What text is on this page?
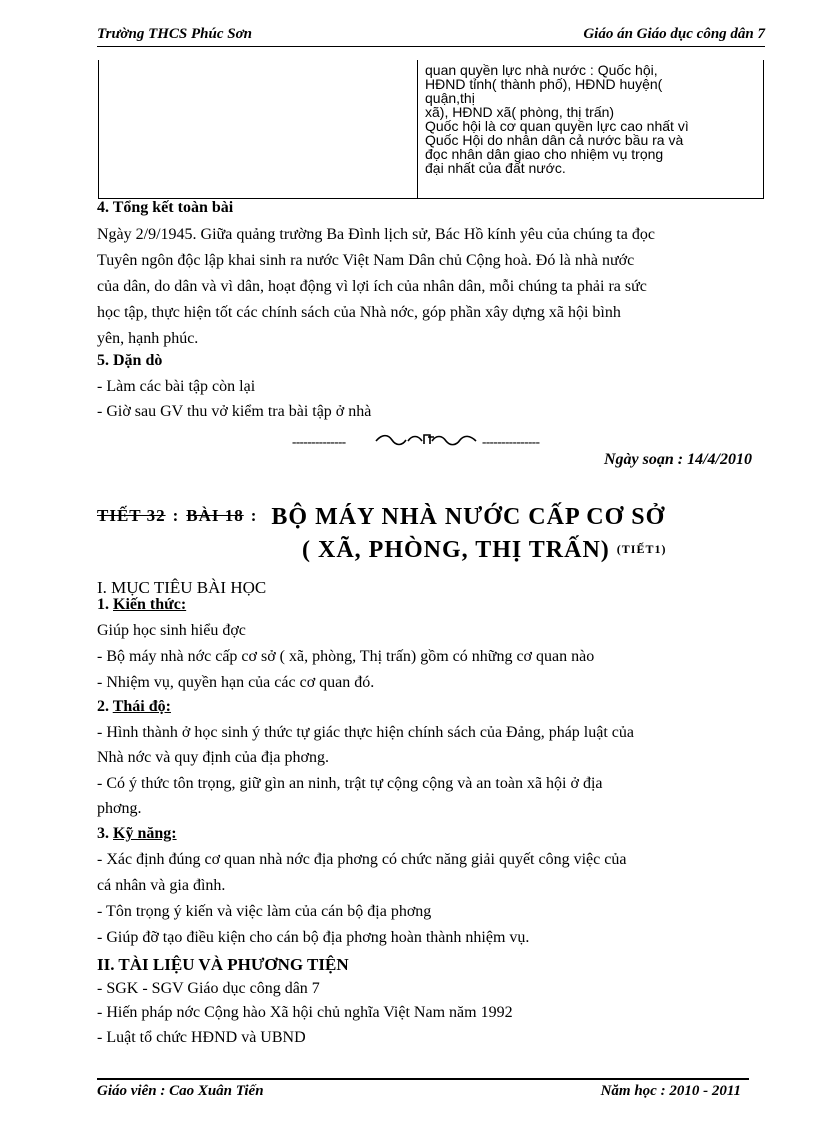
Trường THCS Phúc Sơn	Giáo án Giáo dục công dân 7
quan quyền lực nhà nước : Quốc hội,
HĐND tỉnh( thành phố), HĐND huyện(
quận,thị
xã), HĐND xã( phòng, thị trấn)
Quốc hội là cơ quan quyền lực cao nhất vì
Quốc Hội do nhân dân cả nước bầu ra và
đọc nhân dân giao cho nhiệm vụ trọng
đại nhất của đất nước.
4. Tổng kết toàn bài
Ngày 2/9/1945. Giữa quảng trường Ba Đình lịch sử, Bác Hồ kính yêu của chúng ta đọc
Tuyên ngôn độc lập khai sinh ra nước Việt Nam Dân chủ Cộng hoà. Đó là nhà nước
của dân, do dân và vì dân, hoạt động vì lợi ích của nhân dân, mỗi chúng ta phải ra sức
học tập, thực hiện tốt các chính sách của Nhà nớc, góp phần xây dựng xã hội bình
yên, hạnh phúc.
5. Dặn dò
- Làm các bài tập còn lại
- Giờ sau GV thu vở kiểm tra bài tập ở nhà
--------------	---------------
Ngày soạn : 14/4/2010
TIẾT 32 : BÀI 18 : BỘ MÁY NHÀ NƯỚC CẤP CƠ SỞ
( XÃ, PHÒNG, THỊ TRẤN) (TIẾT1)
I. MỤC TIÊU BÀI HỌC
1. Kiến thức:
Giúp học sinh hiểu đợc
- Bộ máy nhà nớc cấp cơ sở ( xã, phòng, Thị trấn) gồm có những cơ quan nào
- Nhiệm vụ, quyền hạn của các cơ quan đó.
2. Thái độ:
- Hình thành ở học sinh ý thức tự giác thực hiện chính sách của Đảng, pháp luật của
Nhà nớc và quy định của địa phơng.
- Có ý thức tôn trọng, giữ gìn an ninh, trật tự cộng cộng và an toàn xã hội ở địa
phơng.
3. Kỹ năng:
- Xác định đúng cơ quan nhà nớc địa phơng có chức năng giải quyết công việc của
cá nhân và gia đình.
- Tôn trọng ý kiến và việc làm của cán bộ địa phơng
- Giúp đỡ tạo điều kiện cho cán bộ địa phơng hoàn thành nhiệm vụ.
II. TÀI LIỆU VÀ PHƯƠNG TIỆN
- SGK - SGV Giáo dục công dân 7
- Hiến pháp nớc Cộng hào Xã hội chủ nghĩa Việt Nam năm 1992
- Luật tổ chức HĐND và UBND
Giáo viên : Cao Xuân Tiến	Năm học : 2010 - 2011
